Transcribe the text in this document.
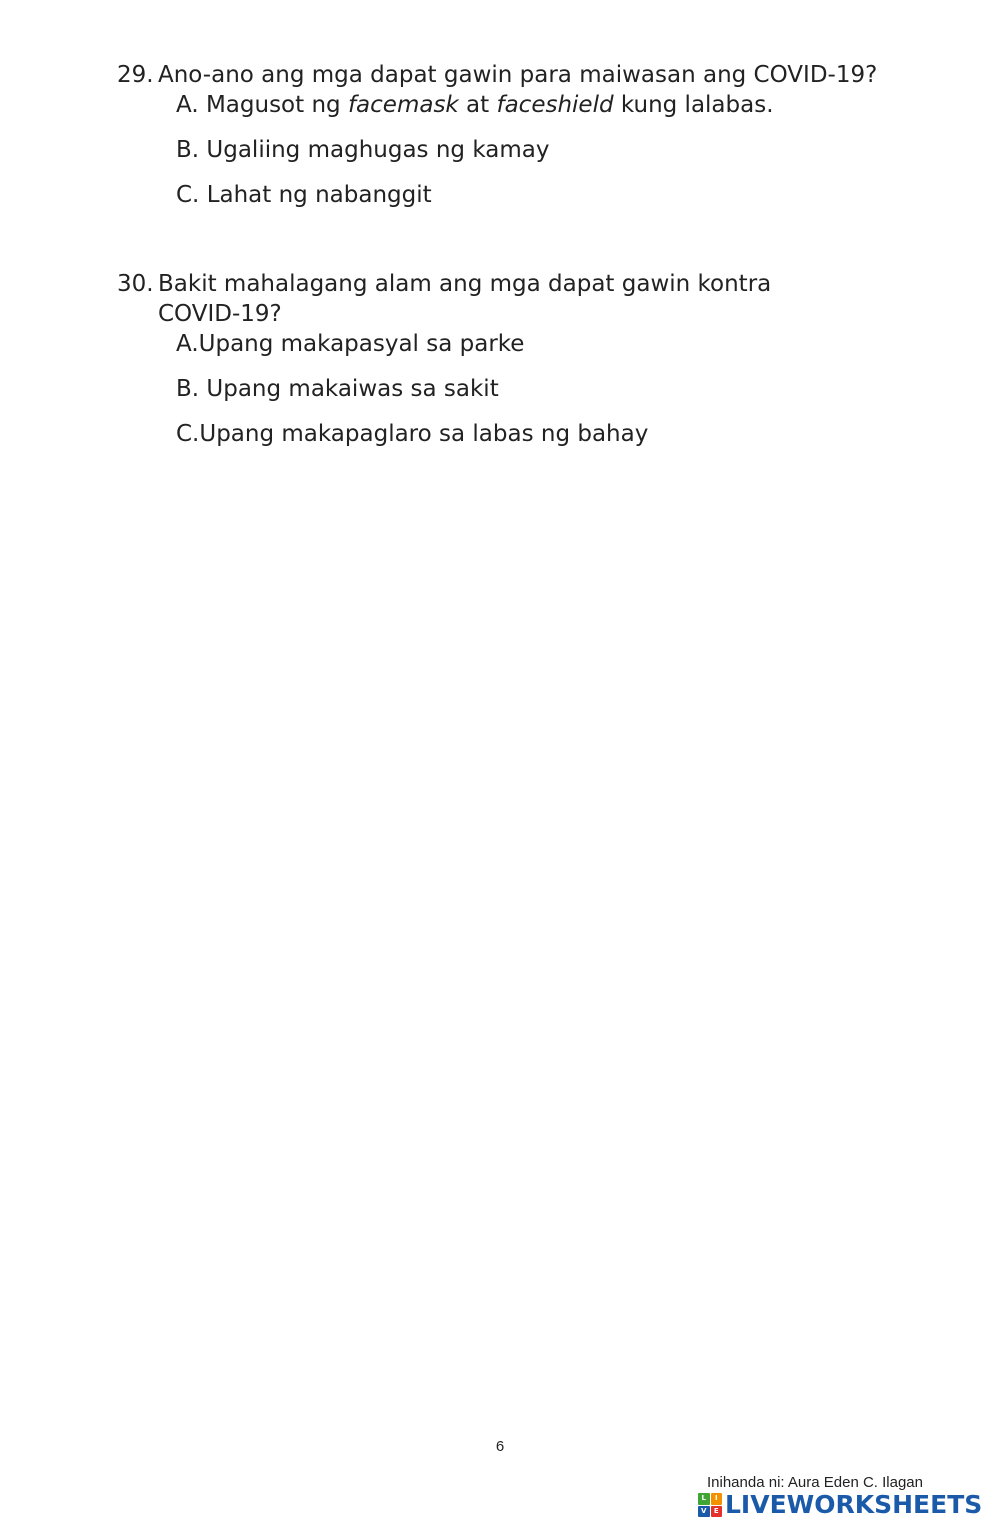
29. Ano-ano ang mga dapat gawin para maiwasan ang COVID-19?
A. Magusot ng facemask at faceshield kung lalabas.
B. Ugaliing maghugas ng kamay
C. Lahat ng nabanggit
30. Bakit mahalagang alam ang mga dapat gawin kontra
COVID-19?
A. Upang makapasyal sa parke
B. Upang makaiwas sa sakit
C. Upang makapaglaro sa labas ng bahay
6
Inihanda ni: Aura Eden C. Ilagan
L	I
V	E LIVEWORKSHEETS
